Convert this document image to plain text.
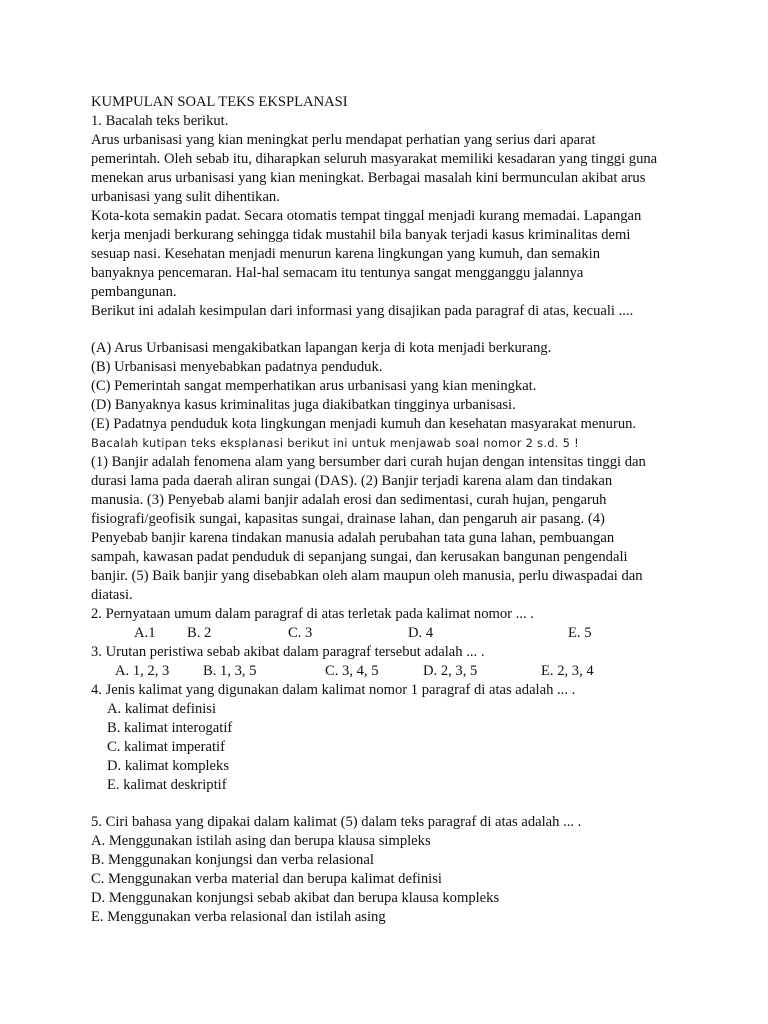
KUMPULAN SOAL TEKS EKSPLANASI
1. Bacalah teks berikut.
Arus urbanisasi yang kian meningkat perlu mendapat perhatian yang serius dari aparat
pemerintah. Oleh sebab itu, diharapkan seluruh masyarakat memiliki kesadaran yang tinggi guna
menekan arus urbanisasi yang kian meningkat. Berbagai masalah kini bermunculan akibat arus
urbanisasi yang sulit dihentikan.
Kota-kota semakin padat. Secara otomatis tempat tinggal menjadi kurang memadai. Lapangan
kerja menjadi berkurang sehingga tidak mustahil bila banyak terjadi kasus kriminalitas demi
sesuap nasi. Kesehatan menjadi menurun karena lingkungan yang kumuh, dan semakin
banyaknya pencemaran. Hal-hal semacam itu tentunya sangat mengganggu jalannya
pembangunan.
Berikut ini adalah kesimpulan dari informasi yang disajikan pada paragraf di atas, kecuali ....
(A) Arus Urbanisasi mengakibatkan lapangan kerja di kota menjadi berkurang.
(B) Urbanisasi menyebabkan padatnya penduduk.
(C) Pemerintah sangat memperhatikan arus urbanisasi yang kian meningkat.
(D) Banyaknya kasus kriminalitas juga diakibatkan tingginya urbanisasi.
(E) Padatnya penduduk kota lingkungan menjadi kumuh dan kesehatan masyarakat menurun.
Bacalah kutipan teks eksplanasi berikut ini untuk menjawab soal nomor 2 s.d. 5 !
(1) Banjir adalah fenomena alam yang bersumber dari curah hujan dengan intensitas tinggi dan
durasi lama pada daerah aliran sungai (DAS). (2) Banjir terjadi karena alam dan tindakan
manusia. (3) Penyebab alami banjir adalah erosi dan sedimentasi, curah hujan, pengaruh
fisiografi/geofisik sungai, kapasitas sungai, drainase lahan, dan pengaruh air pasang. (4)
Penyebab banjir karena tindakan manusia adalah perubahan tata guna lahan, pembuangan
sampah, kawasan padat penduduk di sepanjang sungai, dan kerusakan bangunan pengendali
banjir. (5) Baik banjir yang disebabkan oleh alam maupun oleh manusia, perlu diwaspadai dan
diatasi.
2. Pernyataan umum dalam paragraf di atas terletak pada kalimat nomor ... .
A.1 B. 2	C. 3	D. 4	E. 5
3. Urutan peristiwa sebab akibat dalam paragraf tersebut adalah ... .
A. 1, 2, 3 B. 1, 3, 5	C. 3, 4, 5	D. 2, 3, 5	E. 2, 3, 4
4. Jenis kalimat yang digunakan dalam kalimat nomor 1 paragraf di atas adalah ... .
A. kalimat definisi
B. kalimat interogatif
C. kalimat imperatif
D. kalimat kompleks
E. kalimat deskriptif
5. Ciri bahasa yang dipakai dalam kalimat (5) dalam teks paragraf di atas adalah ... .
A. Menggunakan istilah asing dan berupa klausa simpleks
B. Menggunakan konjungsi dan verba relasional
C. Menggunakan verba material dan berupa kalimat definisi
D. Menggunakan konjungsi sebab akibat dan berupa klausa kompleks
E. Menggunakan verba relasional dan istilah asing
